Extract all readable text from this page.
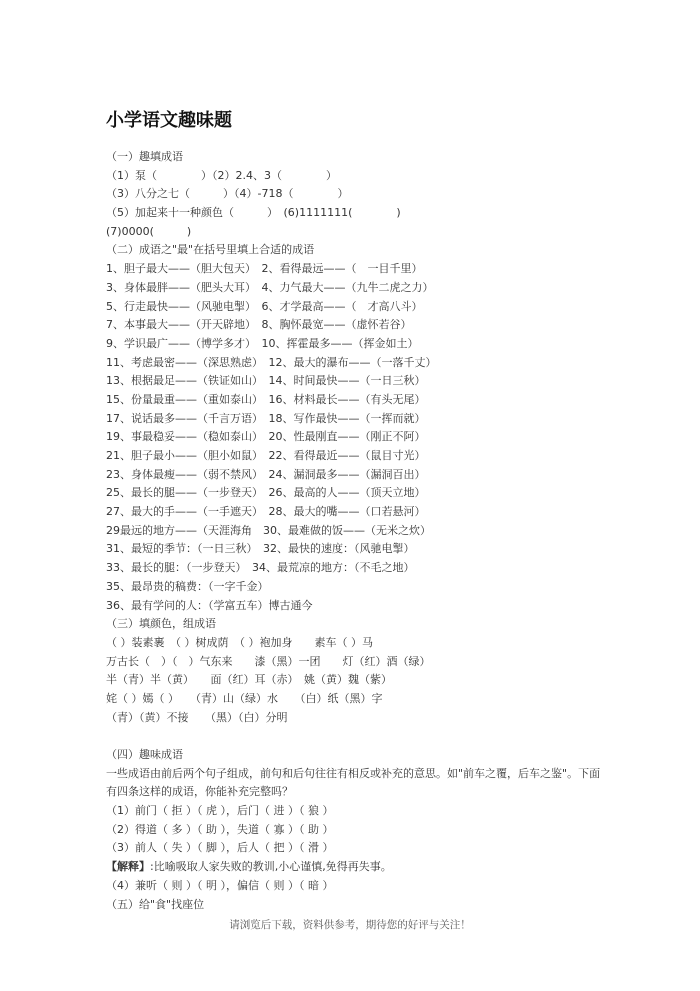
小学语文趣味题
（一）趣填成语
（1）泵（　　　　）（2）2.4、3（　　　　）
（3）八分之七（　　　）（4）-718（　　　　）
（5）加起来十一种颜色（　　　）　(6)1111111(　　　　)
(7)0000(　　　)
（二）成语之"最"在括号里填上合适的成语
1、胆子最大——（胆大包天）　2、看得最远——（　一目千里）
3、身体最胖——（肥头大耳）　4、力气最大——（九牛二虎之力）
5、行走最快——（风驰电掣）　6、才学最高——（　才高八斗）
7、本事最大——（开天辟地）　8、胸怀最宽——（虚怀若谷）
9、学识最广——（博学多才）　10、挥霍最多——（挥金如土）
11、考虑最密——（深思熟虑）　12、最大的瀑布——（一落千丈）
13、根据最足——（铁证如山）　14、时间最快——（一日三秋）
15、份量最重——（重如泰山）　16、材料最长——（有头无尾）
17、说话最多——（千言万语）　18、写作最快——（一挥而就）
19、事最稳妥——（稳如泰山）　20、性最刚直——（刚正不阿）
21、胆子最小——（胆小如鼠）　22、看得最近——（鼠目寸光）
23、身体最瘦——（弱不禁风）　24、漏洞最多——（漏洞百出）
25、最长的腿——（一步登天）　26、最高的人——（顶天立地）
27、最大的手——（一手遮天）　28、最大的嘴——（口若悬河）
29最远的地方——（天涯海角　30、最难做的饭——（无米之炊）
31、最短的季节：（一日三秋）　32、最快的速度：（风驰电掣）
33、最长的腿：（一步登天）　34、最荒凉的地方：（不毛之地）
35、最昂贵的稿费：（一字千金）
36、最有学问的人：（学富五车）博古通今
（三）填颜色，组成语
（ ）装素裹　（ ）树成荫　（ ）袍加身　　素车（ ）马
万古长（　）（　）气东来　　漆（黑）一团　　灯（红）酒（绿）
半（青）半（黄）　　面（红）耳（赤）　姚（黄）魏（紫）
姹（ ）嫣（ ）　　（青）山（绿）水　　（白）纸（黑）字
（青）（黄）不接　　（黑）（白）分明
（四）趣味成语
一些成语由前后两个句子组成，前句和后句往往有相反或补充的意思。如"前车之覆，后车之鉴"。下面有四条这样的成语，你能补充完整吗？
（1）前门（ 拒 ）（ 虎 ），后门（ 进 ）（ 狼 ）
（2）得道（ 多 ）（ 助 ），失道（ 寡 ）（ 助 ）
（3）前人（ 失 ）（ 脚 ），后人（ 把 ）（ 滑 ）
【解释】:比喻吸取人家失败的教训,小心谨慎,免得再失事。
（4）兼听（ 则 ）（ 明 ），偏信（ 则 ）（ 暗 ）
（五）给"食"找座位
请浏览后下载，资料供参考，期待您的好评与关注！
